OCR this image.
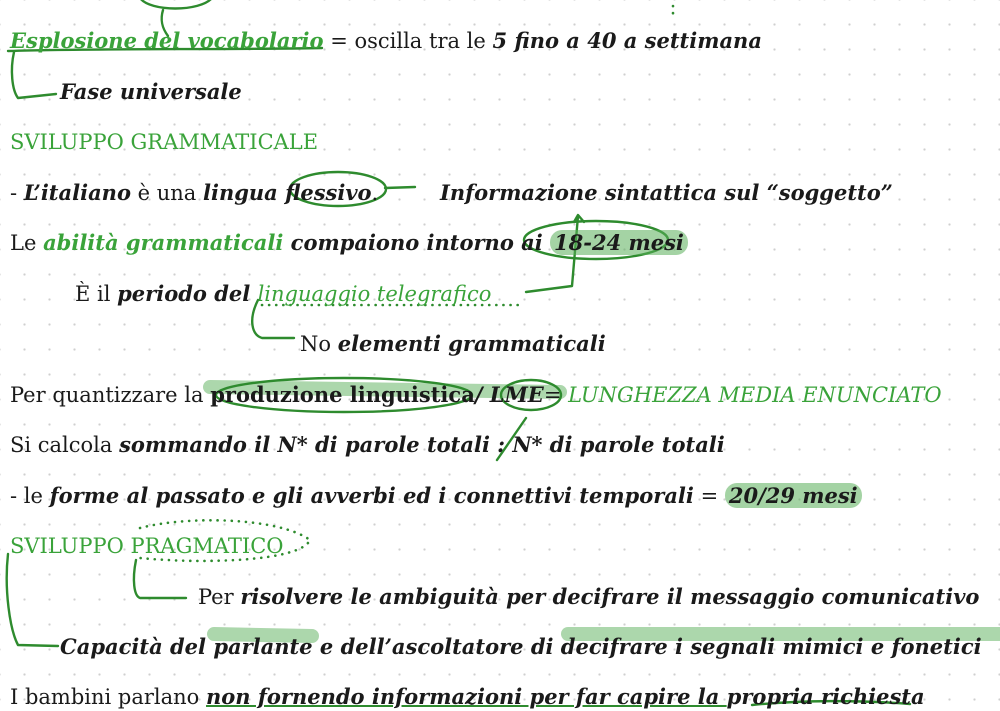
Esplosione del vocabolario = oscilla tra le 5 fino a 40 a settimana
Fase universale
SVILUPPO GRAMMATICALE
- L’italiano è una lingua flessivo.	Informazione sintattica sul “soggetto”
Le abilità grammaticali compaiono intorno ai 18-24 mesi
È il periodo del linguaggio telegrafico
No elementi grammaticali
Per quantizzare la produzione linguistica/ LME= LUNGHEZZA MEDIA ENUNCIATO
Si calcola sommando il N* di parole totali : N* di parole totali
- le forme al passato e gli avverbi ed i connettivi temporali = 20/29 mesi
SVILUPPO PRAGMATICO
Per risolvere le ambiguità per decifrare il messaggio comunicativo
Capacità del parlante e dell’ascoltatore di decifrare i segnali mimici e fonetici
I bambini parlano non fornendo informazioni per far capire la propria richiesta
